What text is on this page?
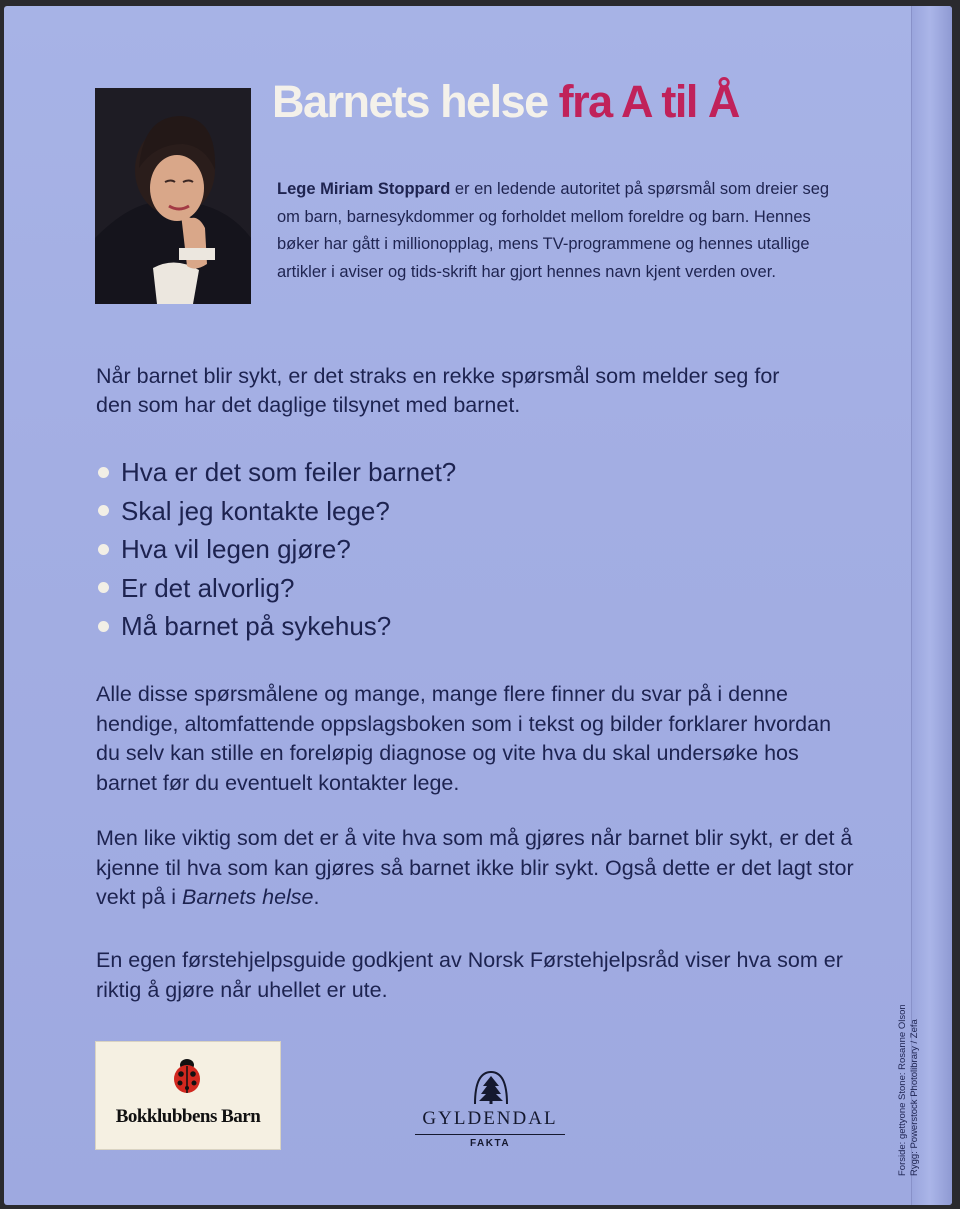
Barnets helse fra A til Å
Lege Miriam Stoppard er en ledende autoritet på spørsmål som dreier seg om barn, barnesykdommer og forholdet mellom foreldre og barn. Hennes bøker har gått i millionopplag, mens TV-programmene og hennes utallige artikler i aviser og tids-skrift har gjort hennes navn kjent verden over.
Når barnet blir sykt, er det straks en rekke spørsmål som melder seg for den som har det daglige tilsynet med barnet.
Hva er det som feiler barnet?
Skal jeg kontakte lege?
Hva vil legen gjøre?
Er det alvorlig?
Må barnet på sykehus?
Alle disse spørsmålene og mange, mange flere finner du svar på i denne hendige, altomfattende oppslagsboken som i tekst og bilder forklarer hvordan du selv kan stille en foreløpig diagnose og vite hva du skal undersøke hos barnet før du eventuelt kontakter lege.
Men like viktig som det er å vite hva som må gjøres når barnet blir sykt, er det å kjenne til hva som kan gjøres så barnet ikke blir sykt. Også dette er det lagt stor vekt på i Barnets helse.
En egen førstehjelpsguide godkjent av Norsk Førstehjelpsråd viser hva som er riktig å gjøre når uhellet er ute.
Bokklubbens Barn	GYLDENDAL
FAKTA	Forside: gettyone Stone: Rosanne Olson Rygg: Powerstock Photolibrary / Zefa
